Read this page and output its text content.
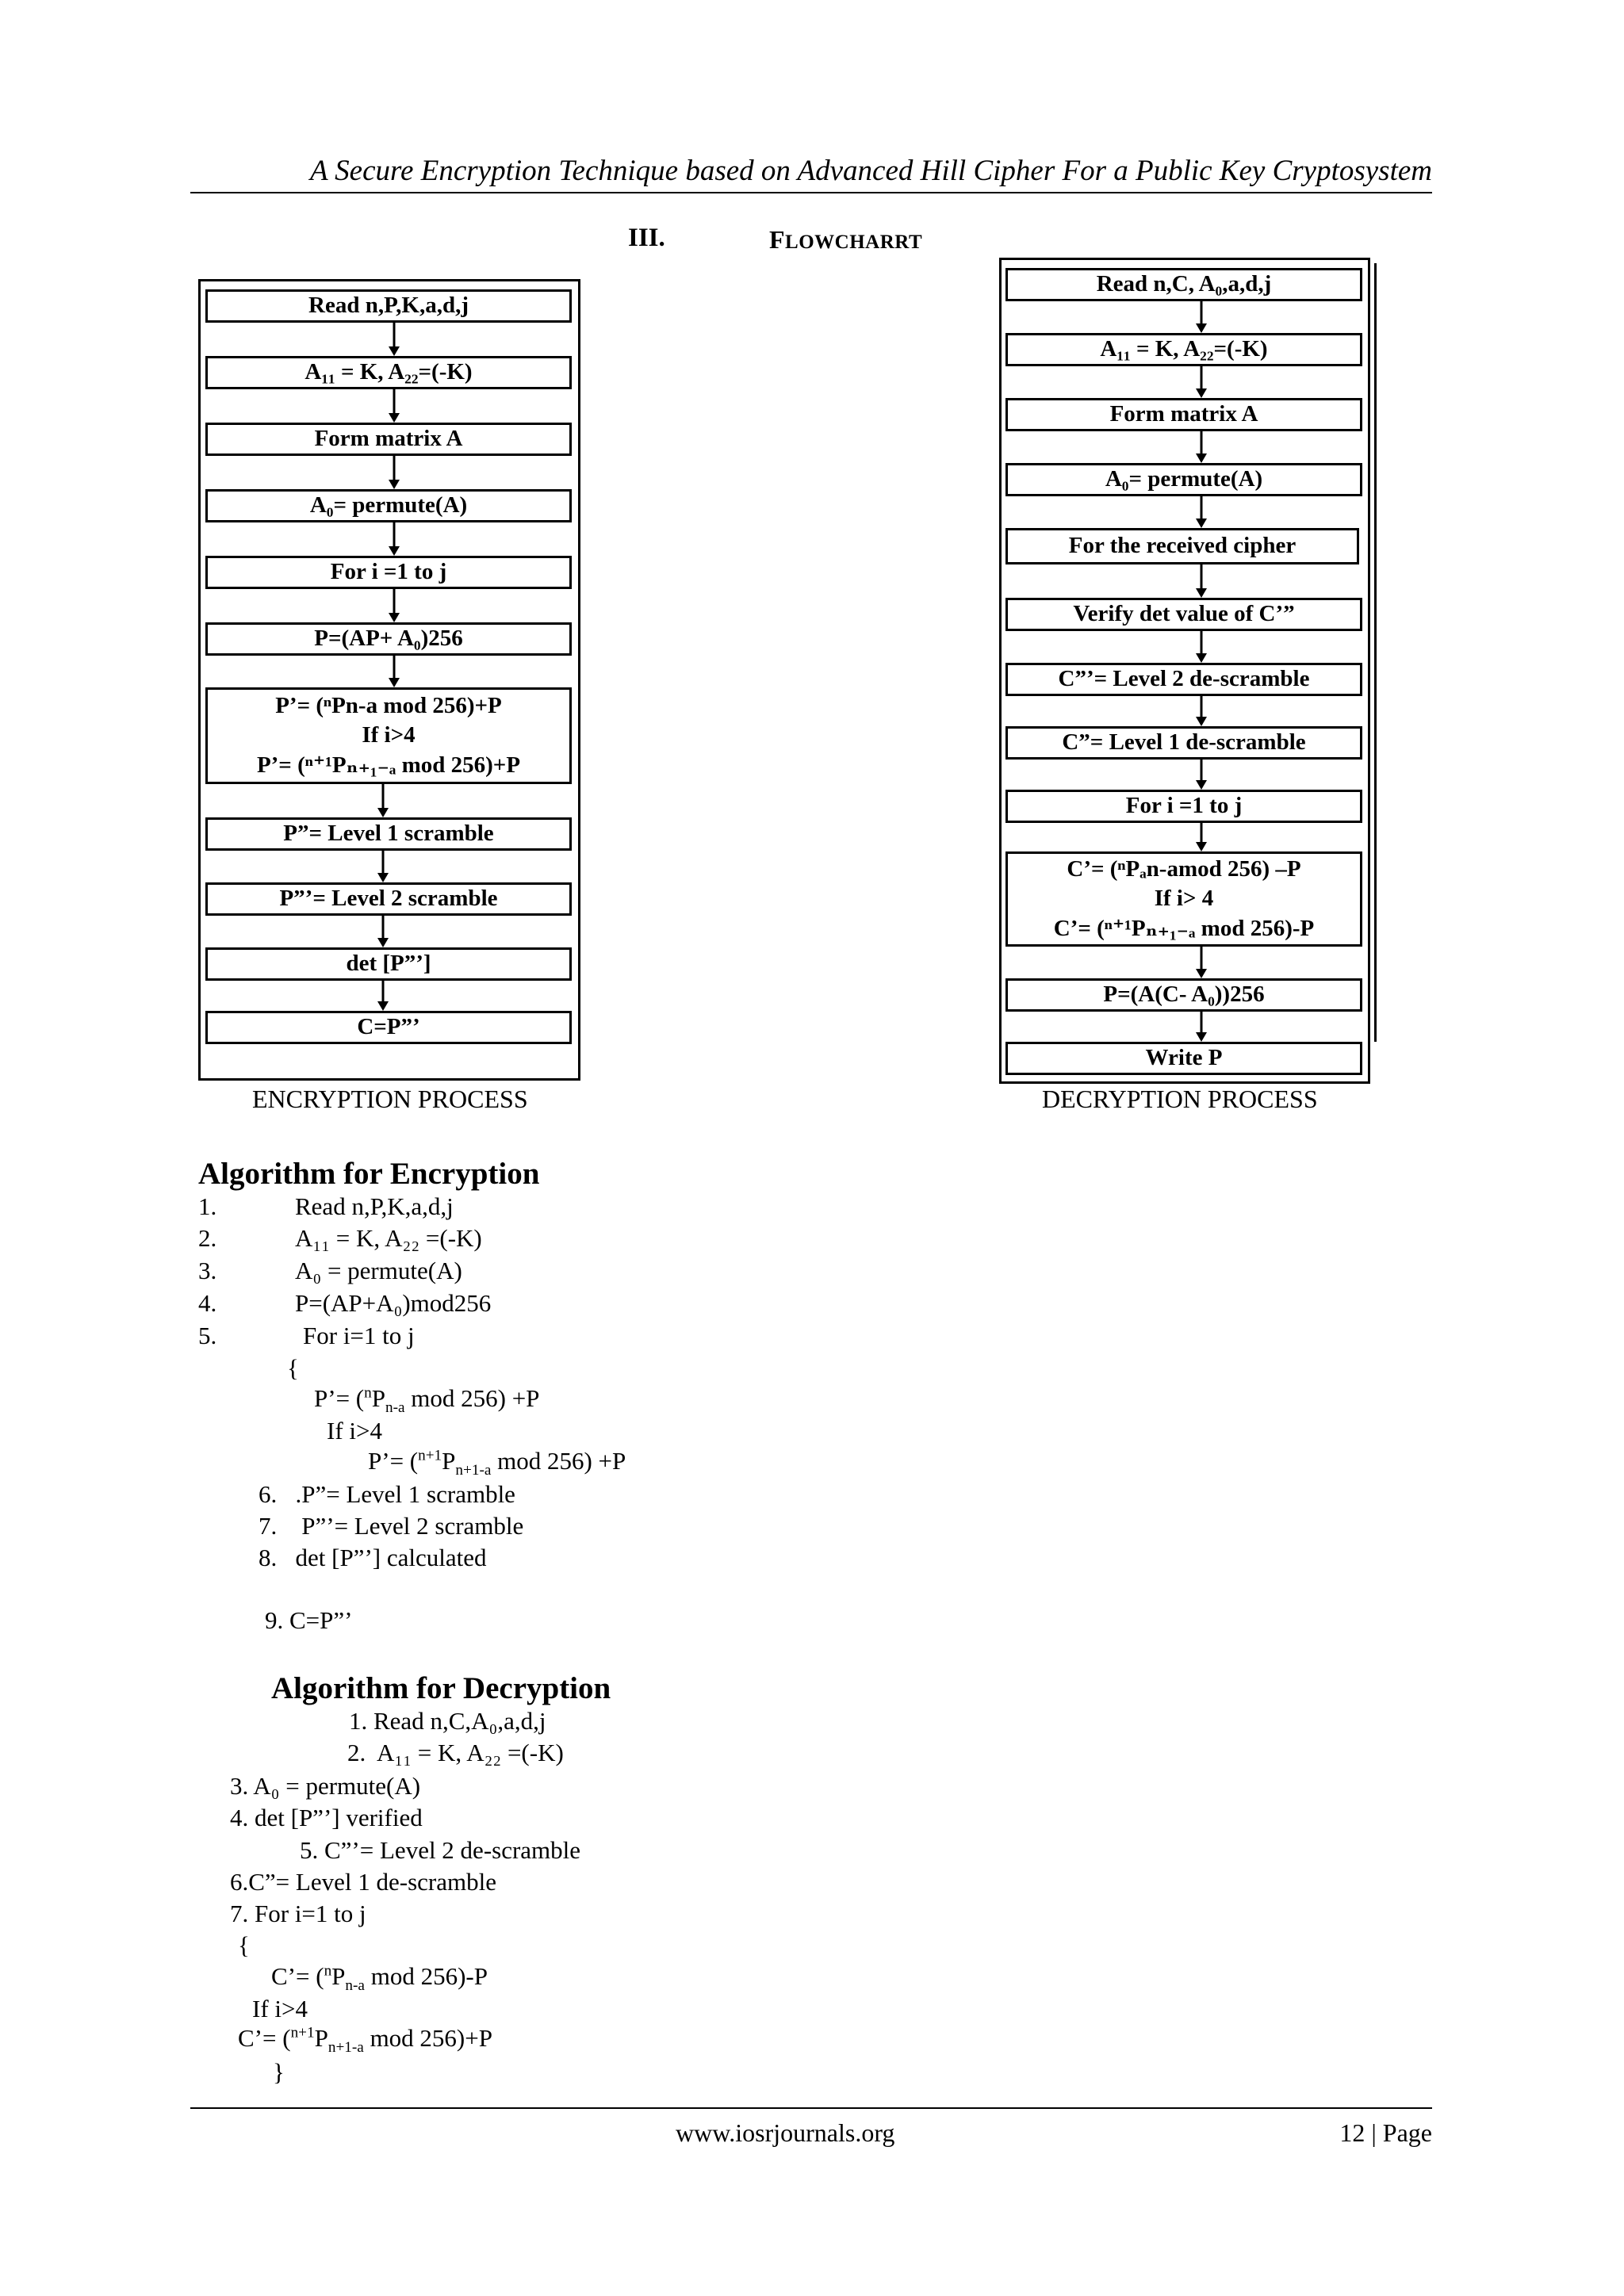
A Secure Encryption Technique based on Advanced Hill Cipher For a Public Key Cryptosystem
III.	FLOWCHARRT
Read n,P,K,a,d,j
A₁₁ = K, A₂₂=(-K)
Form matrix A
A₀= permute(A)
For i =1 to j
P=(AP+ A₀)256
P’= (ⁿPn-a mod 256)+P
If i>4
P’= (ⁿ⁺¹Pₙ₊₁₋ₐ mod 256)+P
P”= Level 1 scramble
P”’= Level 2 scramble
det [P”’]
C=P”’
ENCRYPTION PROCESS
Read n,C, A₀,a,d,j
A₁₁ = K, A₂₂=(-K)
Form matrix A
A₀= permute(A)
For the received cipher
Verify det value of C’”
C”’= Level 2 de-scramble
C”= Level 1 de-scramble
For i =1 to j
C’= (ⁿPₐn-amod 256) –P
If i> 4
C’= (ⁿ⁺¹Pₙ₊₁₋ₐ mod 256)-P
P=(A(C- A₀))256
Write P
DECRYPTION PROCESS
Algorithm for Encryption
1.	Read n,P,K,a,d,j
2.	A₁₁ = K, A₂₂ =(-K)
3.	A₀ = permute(A)
4.	P=(AP+A₀)mod256
5.	For i=1 to j
{
P’= ($^nP_{n-a}$ mod 256) +P
If i>4
P’= ($^{n+1}P_{n+1-a}$ mod 256) +P
6.   .P”= Level 1 scramble
7.    P”’= Level 2 scramble
8.   det [P”’] calculated
9. C=P”’
Algorithm for Decryption
1. Read n,C,A₀,a,d,j
2.  A₁₁ = K, A₂₂ =(-K)
3. A₀ = permute(A)
4. det [P”’] verified
5. C”’= Level 2 de-scramble
6.C”= Level 1 de-scramble
7. For i=1 to j
{
C’= ($^nP_{n-a}$ mod 256)-P
If i>4
C’= ($^{n+1}P_{n+1-a}$ mod 256)+P
}
www.iosrjournals.org	12 | Page
